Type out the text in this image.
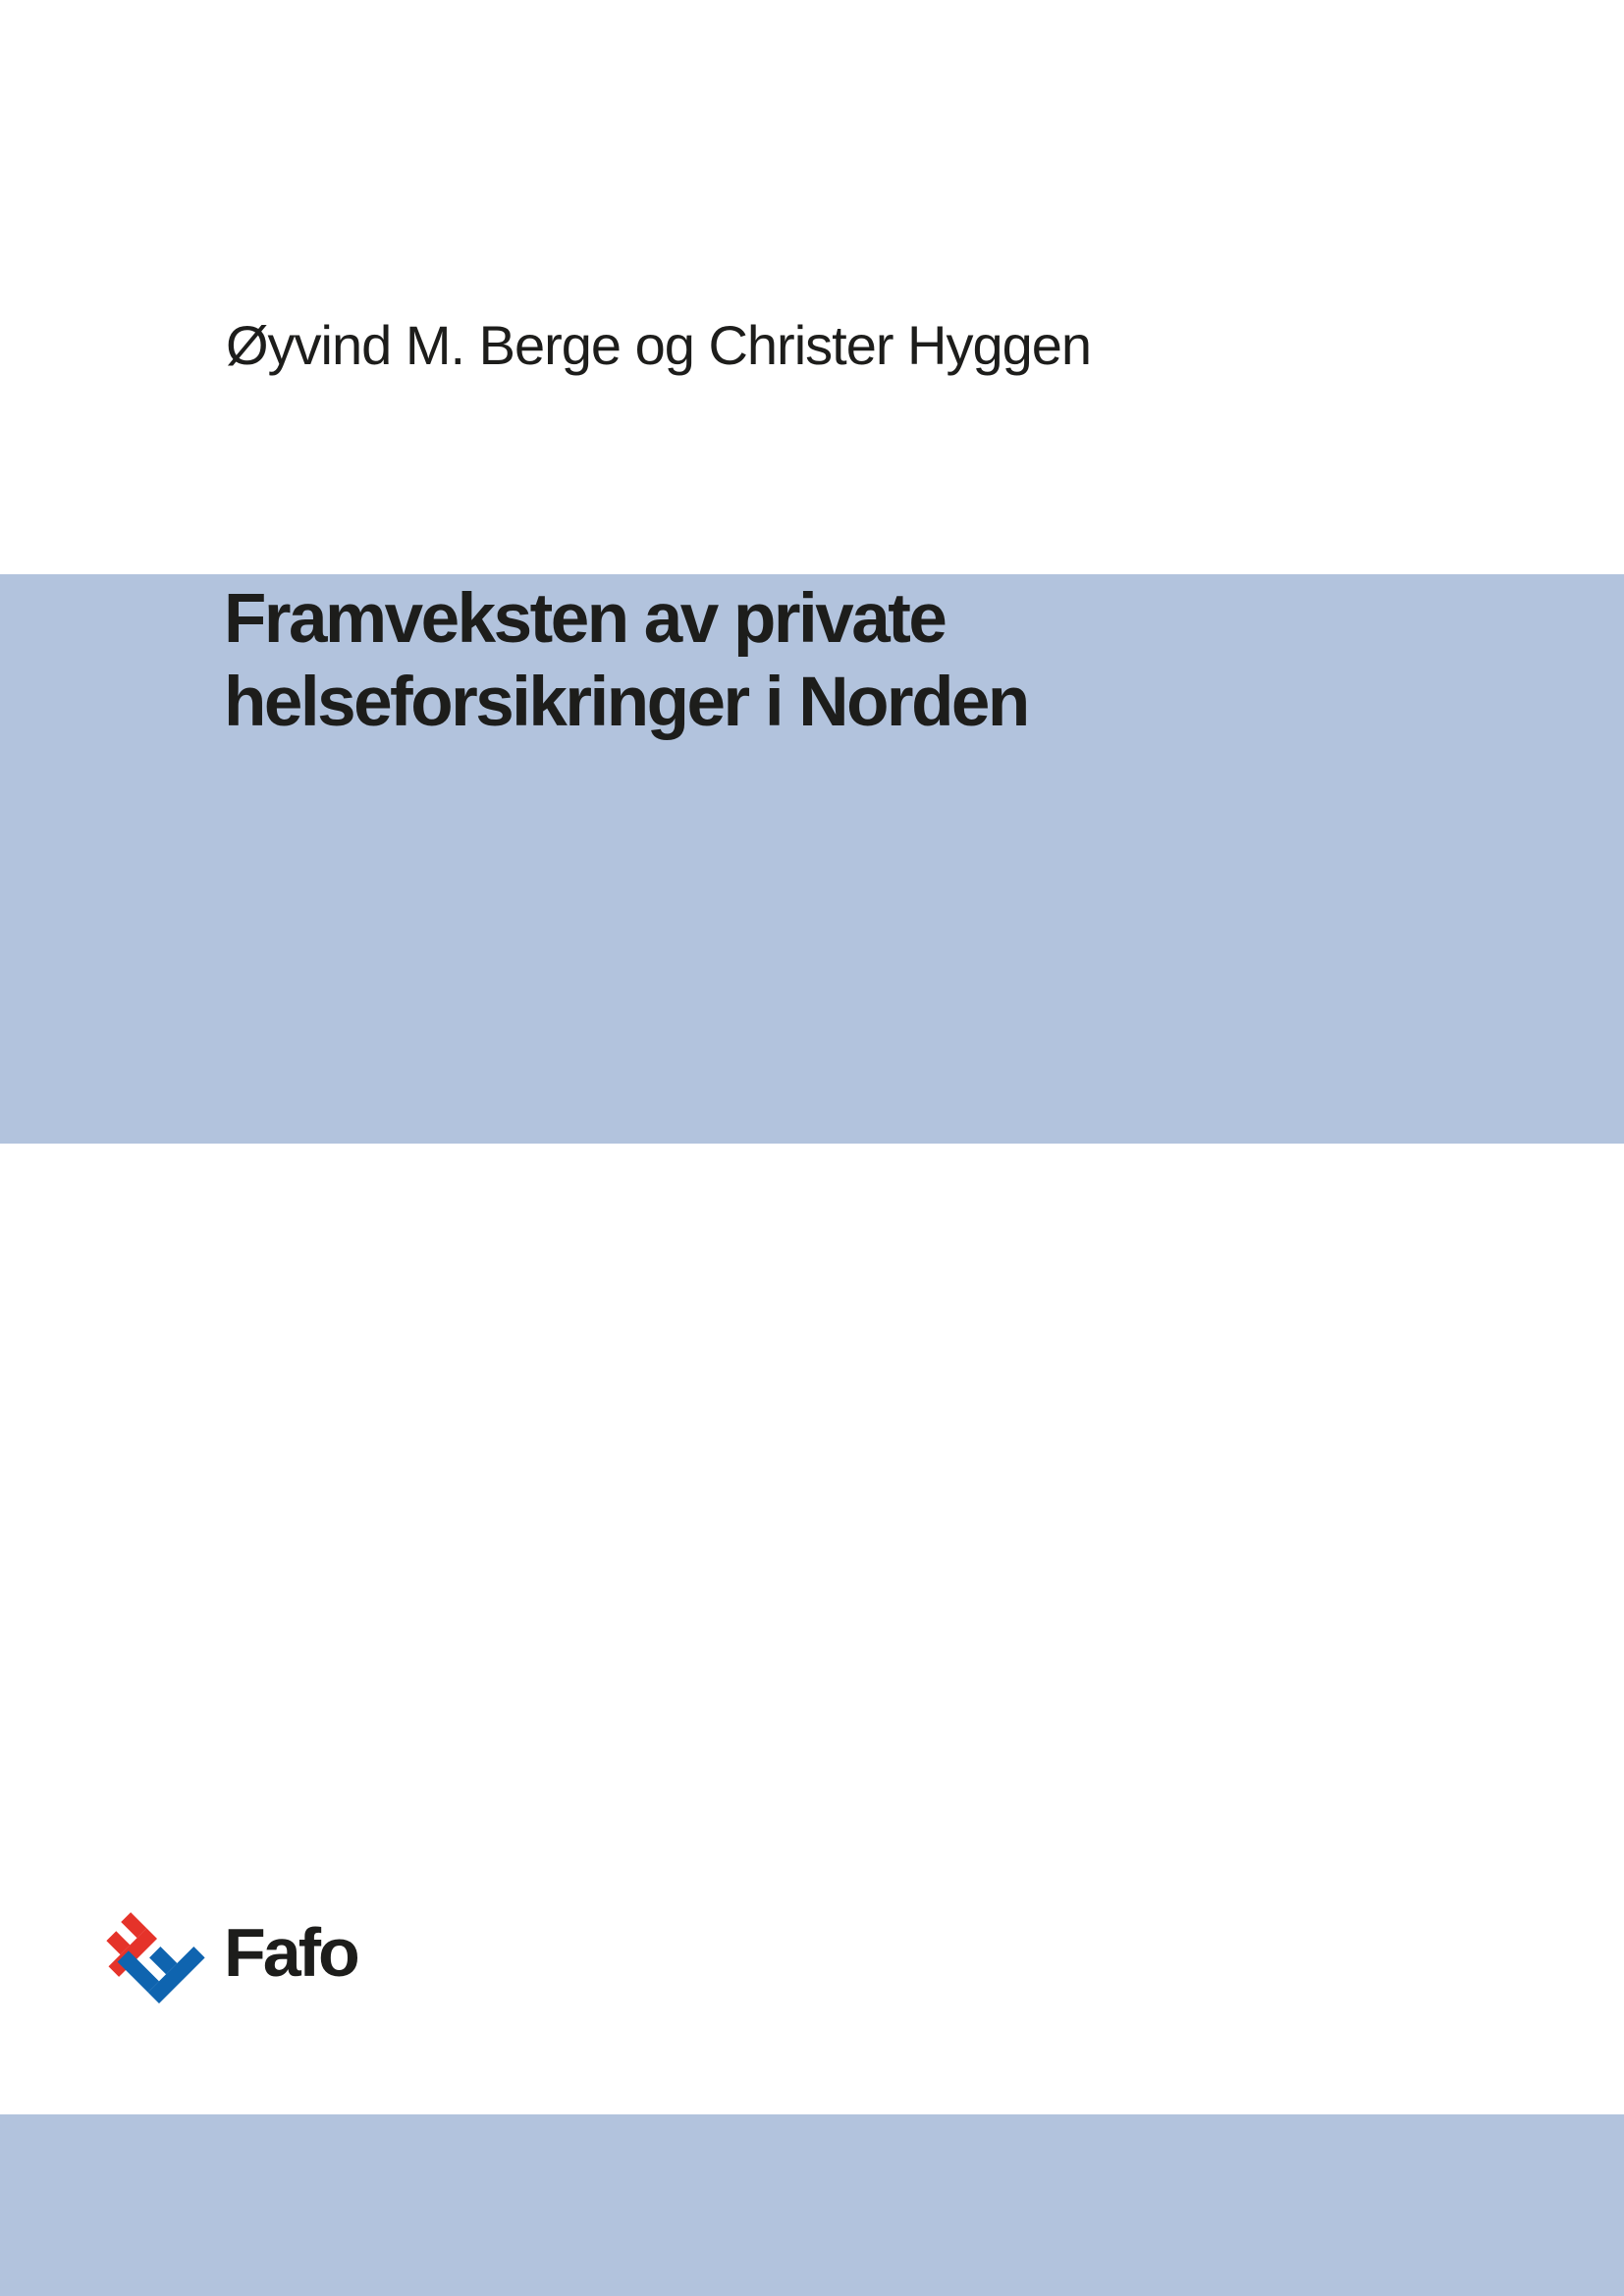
Øyvind M. Berge og Christer Hyggen
Framveksten av private
helseforsikringer i Norden
Fafo
